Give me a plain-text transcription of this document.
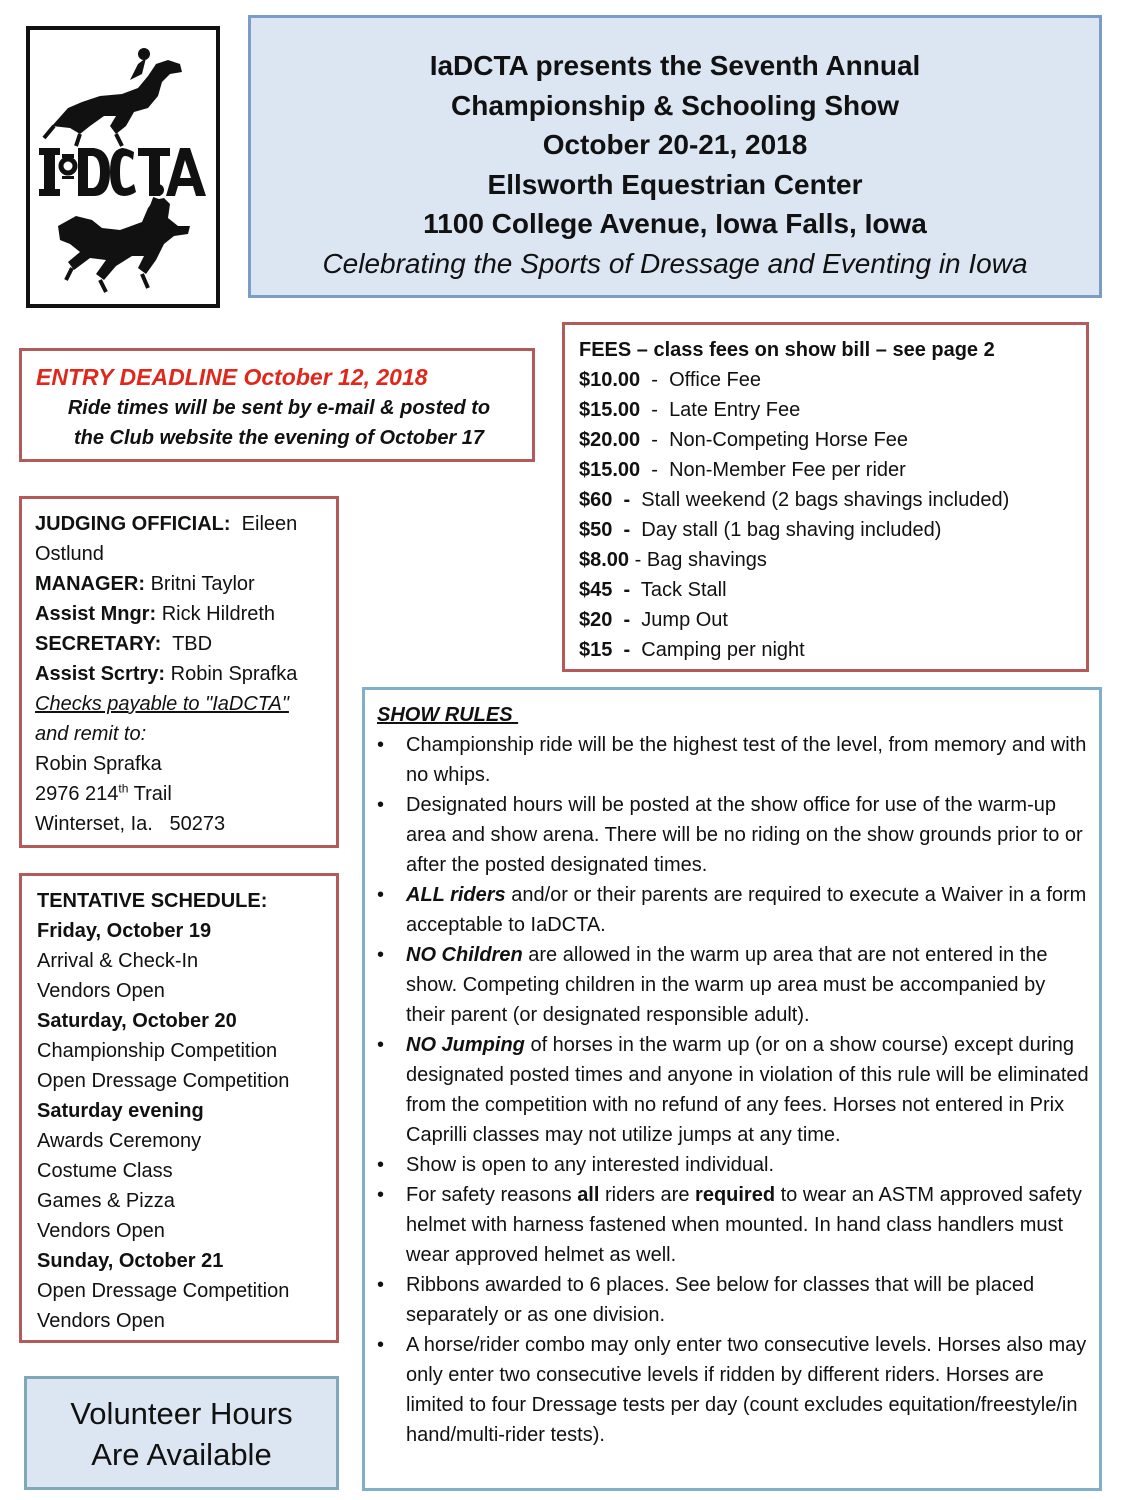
IaDCTA presents the Seventh Annual
Championship & Schooling Show
October 20-21, 2018
Ellsworth Equestrian Center
1100 College Avenue, Iowa Falls, Iowa
Celebrating the Sports of Dressage and Eventing in Iowa
ENTRY DEADLINE October 12, 2018
Ride times will be sent by e-mail & posted to
the Club website the evening of October 17
JUDGING OFFICIAL: Eileen Ostlund
MANAGER: Britni Taylor
Assist Mngr: Rick Hildreth
SECRETARY: TBD
Assist Scrtry: Robin Sprafka
Checks payable to "IaDCTA"
and remit to:
Robin Sprafka
2976 214th Trail
Winterset, Ia.   50273
TENTATIVE SCHEDULE:
Friday, October 19
Arrival & Check-In
Vendors Open
Saturday, October 20
Championship Competition
Open Dressage Competition
Saturday evening
Awards Ceremony
Costume Class
Games & Pizza
Vendors Open
Sunday, October 21
Open Dressage Competition
Vendors Open
Volunteer Hours
Are Available
FEES – class fees on show bill – see page 2
$10.00  -  Office Fee
$15.00  -  Late Entry Fee
$20.00  -  Non-Competing Horse Fee
$15.00  -  Non-Member Fee per rider
$60  - Stall weekend (2 bags shavings included)
$50  - Day stall (1 bag shaving included)
$8.00 - Bag shavings
$45  - Tack Stall
$20  - Jump Out
$15  - Camping per night
SHOW RULES
• Championship ride will be the highest test of the level, from memory and with no whips.
• Designated hours will be posted at the show office for use of the warm-up area and show arena. There will be no riding on the show grounds prior to or after the posted designated times.
• ALL riders and/or or their parents are required to execute a Waiver in a form acceptable to IaDCTA.
• NO Children are allowed in the warm up area that are not entered in the show. Competing children in the warm up area must be accompanied by their parent (or designated responsible adult).
• NO Jumping of horses in the warm up (or on a show course) except during designated posted times and anyone in violation of this rule will be eliminated from the competition with no refund of any fees. Horses not entered in Prix Caprilli classes may not utilize jumps at any time.
• Show is open to any interested individual.
• For safety reasons all riders are required to wear an ASTM approved safety helmet with harness fastened when mounted. In hand class handlers must wear approved helmet as well.
• Ribbons awarded to 6 places. See below for classes that will be placed separately or as one division.
• A horse/rider combo may only enter two consecutive levels. Horses also may only enter two consecutive levels if ridden by different riders. Horses are limited to four Dressage tests per day (count excludes equitation/freestyle/in hand/multi-rider tests).
